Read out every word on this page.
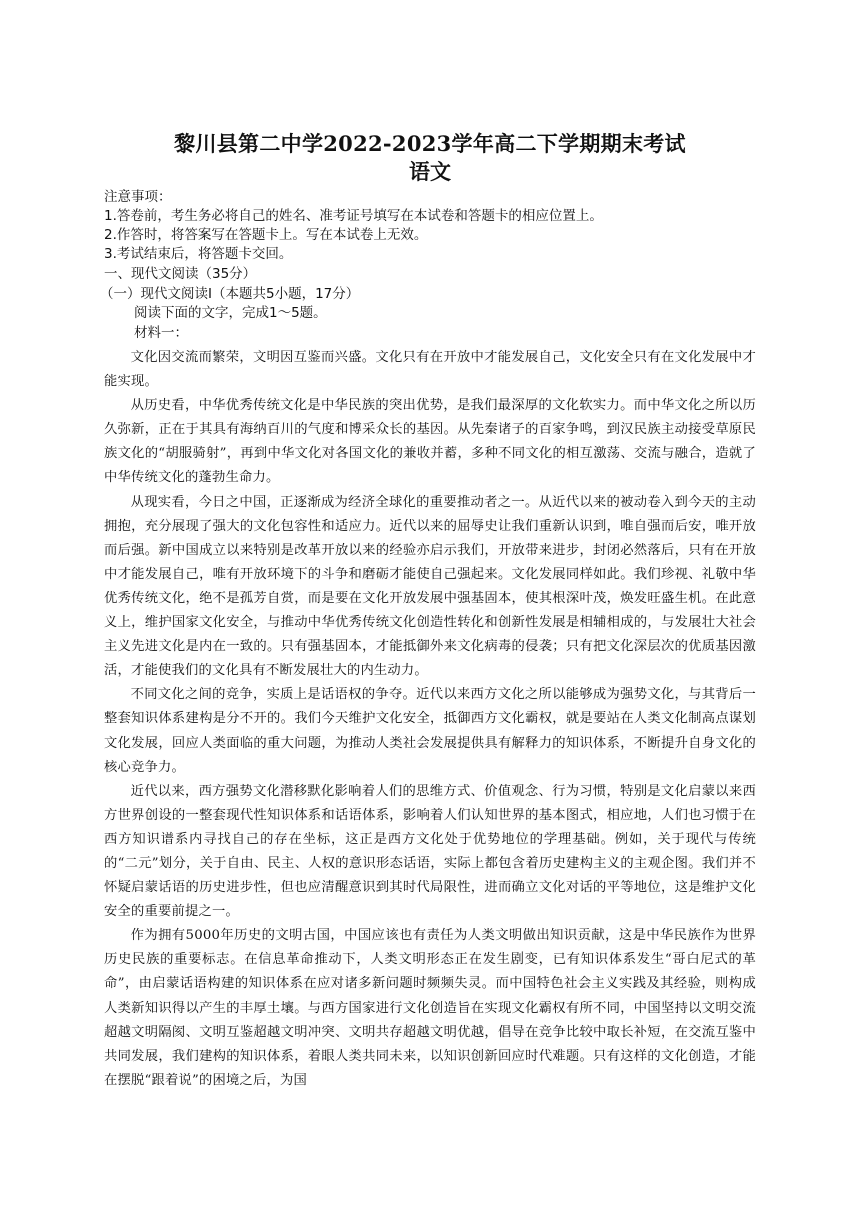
黎川县第二中学2022-2023学年高二下学期期末考试
语文
注意事项：
1.答卷前，考生务必将自己的姓名、准考证号填写在本试卷和答题卡的相应位置上。
2.作答时，将答案写在答题卡上。写在本试卷上无效。
3.考试结束后，将答题卡交回。
一、现代文阅读（35分）
（一）现代文阅读Ⅰ（本题共5小题，17分）
阅读下面的文字，完成1～5题。
材料一：

文化因交流而繁荣，文明因互鉴而兴盛。文化只有在开放中才能发展自己，文化安全只有在文化发展中才能实现。

从历史看，中华优秀传统文化是中华民族的突出优势，是我们最深厚的文化软实力。而中华文化之所以历久弥新，正在于其具有海纳百川的气度和博采众长的基因。从先秦诸子的百家争鸣，到汉民族主动接受草原民族文化的“胡服骑射”，再到中华文化对各国文化的兼收并蓄，多种不同文化的相互激荡、交流与融合，造就了中华传统文化的蓬勃生命力。

从现实看，今日之中国，正逐渐成为经济全球化的重要推动者之一。从近代以来的被动卷入到今天的主动拥抱，充分展现了强大的文化包容性和适应力。近代以来的屈辱史让我们重新认识到，唯自强而后安，唯开放而后强。新中国成立以来特别是改革开放以来的经验亦启示我们，开放带来进步，封闭必然落后，只有在开放中才能发展自己，唯有开放环境下的斗争和磨砺才能使自己强起来。文化发展同样如此。我们珍视、礼敬中华优秀传统文化，绝不是孤芳自赏，而是要在文化开放发展中强基固本，使其根深叶茂，焕发旺盛生机。在此意义上，维护国家文化安全，与推动中华优秀传统文化创造性转化和创新性发展是相辅相成的，与发展壮大社会主义先进文化是内在一致的。只有强基固本，才能抵御外来文化病毒的侵袭；只有把文化深层次的优质基因激活，才能使我们的文化具有不断发展壮大的内生动力。

不同文化之间的竞争，实质上是话语权的争夺。近代以来西方文化之所以能够成为强势文化，与其背后一整套知识体系建构是分不开的。我们今天维护文化安全，抵御西方文化霸权，就是要站在人类文化制高点谋划文化发展，回应人类面临的重大问题，为推动人类社会发展提供具有解释力的知识体系，不断提升自身文化的核心竞争力。

近代以来，西方强势文化潜移默化影响着人们的思维方式、价值观念、行为习惯，特别是文化启蒙以来西方世界创设的一整套现代性知识体系和话语体系，影响着人们认知世界的基本图式，相应地，人们也习惯于在西方知识谱系内寻找自己的存在坐标，这正是西方文化处于优势地位的学理基础。例如，关于现代与传统的“二元”划分，关于自由、民主、人权的意识形态话语，实际上都包含着历史建构主义的主观企图。我们并不怀疑启蒙话语的历史进步性，但也应清醒意识到其时代局限性，进而确立文化对话的平等地位，这是维护文化安全的重要前提之一。

作为拥有5000年历史的文明古国，中国应该也有责任为人类文明做出知识贡献，这是中华民族作为世界历史民族的重要标志。在信息革命推动下，人类文明形态正在发生剧变，已有知识体系发生“哥白尼式的革命”，由启蒙话语构建的知识体系在应对诸多新问题时频频失灵。而中国特色社会主义实践及其经验，则构成人类新知识得以产生的丰厚土壤。与西方国家进行文化创造旨在实现文化霸权有所不同，中国坚持以文明交流超越文明隔阂、文明互鉴超越文明冲突、文明共存超越文明优越，倡导在竞争比较中取长补短，在交流互鉴中共同发展，我们建构的知识体系，着眼人类共同未来，以知识创新回应时代难题。只有这样的文化创造，才能在摆脱“跟着说”的困境之后，为国
